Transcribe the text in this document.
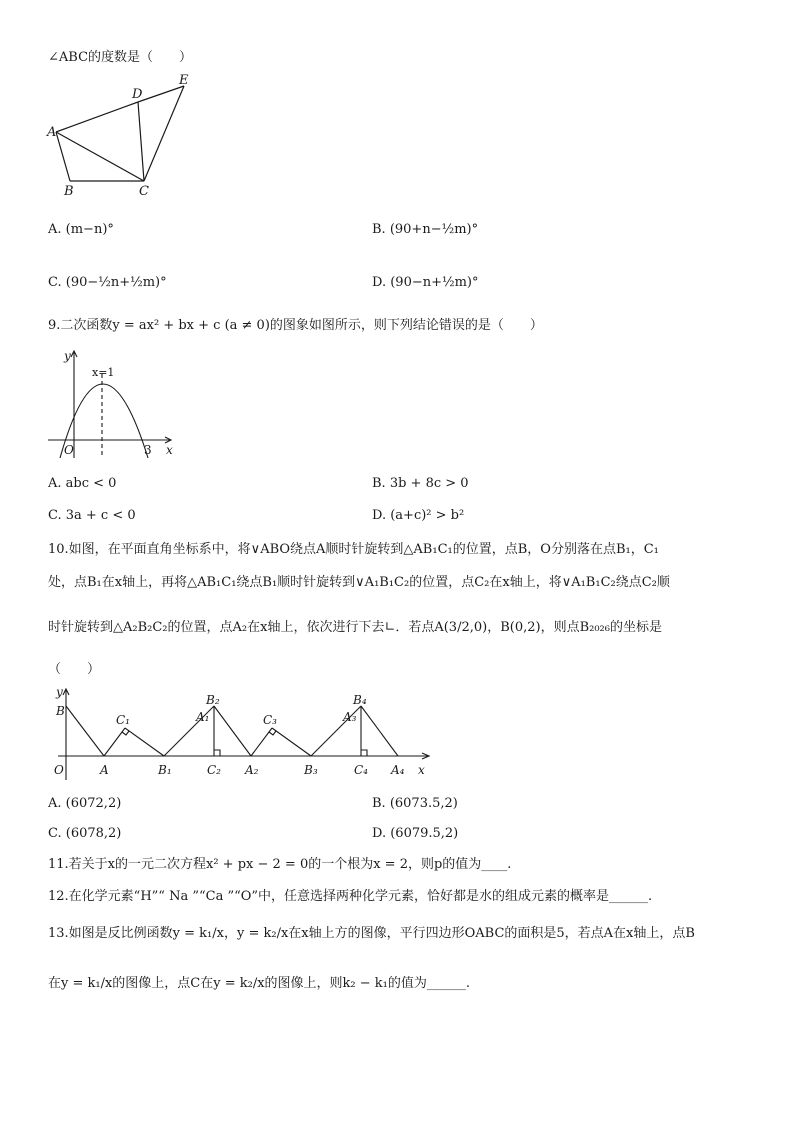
∠ABC的度数是（　　）
A
D
E
B	C
A. (m−n)°	B. (90+n−½m)°
C. (90−½n+½m)°	D. (90−n+½m)°
9.二次函数y = ax² + bx + c (a ≠ 0)的图象如图所示，则下列结论错误的是（　　）
y
x=1
O	3 x
A. abc < 0	B. 3b + 8c > 0
C. 3a + c < 0	D. (a+c)² > b²
10.如图，在平面直角坐标系中，将∨ABO绕点A顺时针旋转到△AB₁C₁的位置，点B，O分别落在点B₁，C₁
处，点B₁在x轴上，再将△AB₁C₁绕点B₁顺时针旋转到∨A₁B₁C₂的位置，点C₂在x轴上，将∨A₁B₁C₂绕点C₂顺
时针旋转到△A₂B₂C₂的位置，点A₂在x轴上，依次进行下去∟．若点A(3/2,0)，B(0,2)，则点B₂₀₂₆的坐标是
（　　）
y
B
O	A
C₁
B₁
B₂
A₁
C₂ A₂
C₃
B₃
B₄
A₃
C₄ A₄ x
A. (6072,2)	B. (6073.5,2)
C. (6078,2)	D. (6079.5,2)
11.若关于x的一元二次方程x² + px − 2 = 0的一个根为x = 2，则p的值为____.
12.在化学元素“H”“ Na ”“Ca ”“O”中，任意选择两种化学元素，恰好都是水的组成元素的概率是______.
13.如图是反比例函数y = k₁/x，y = k₂/x在x轴上方的图像，平行四边形OABC的面积是5，若点A在x轴上，点B
在y = k₁/x的图像上，点C在y = k₂/x的图像上，则k₂ − k₁的值为______.
